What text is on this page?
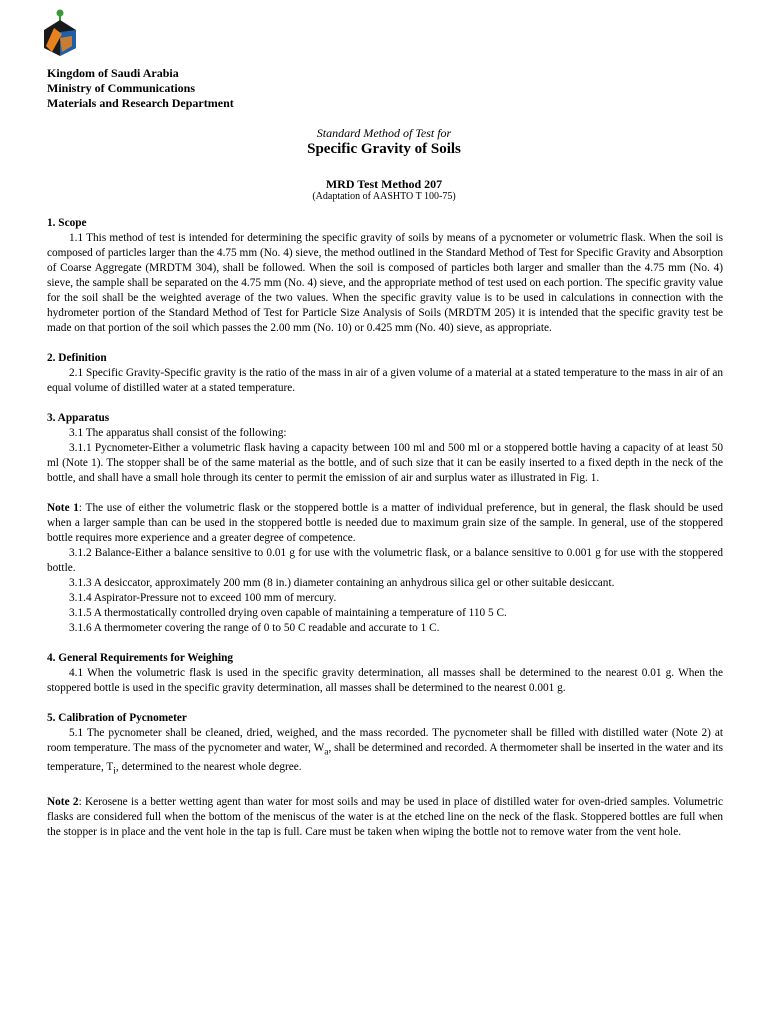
Kingdom of Saudi Arabia
Ministry of Communications
Materials and Research Department
Standard Method of Test for
Specific Gravity of Soils
MRD Test Method 207
(Adaptation of AASHTO T 100-75)
1. Scope

1.1 This method of test is intended for determining the specific gravity of soils by means of a pycnometer or volumetric flask. When the soil is composed of particles larger than the 4.75 mm (No. 4) sieve, the method outlined in the Standard Method of Test for Specific Gravity and Absorption of Coarse Aggregate (MRDTM 304), shall be followed. When the soil is composed of particles both larger and smaller than the 4.75 mm (No. 4) sieve, the sample shall be separated on the 4.75 mm (No. 4) sieve, and the appropriate method of test used on each portion. The specific gravity value for the soil shall be the weighted average of the two values. When the specific gravity value is to be used in calculations in connection with the hydrometer portion of the Standard Method of Test for Particle Size Analysis of Soils (MRDTM 205) it is intended that the specific gravity test be made on that portion of the soil which passes the 2.00 mm (No. 10) or 0.425 mm (No. 40) sieve, as appropriate.

2. Definition

2.1 Specific Gravity-Specific gravity is the ratio of the mass in air of a given volume of a material at a stated temperature to the mass in air of an equal volume of distilled water at a stated temperature.

3. Apparatus

3.1 The apparatus shall consist of the following:

3.1.1 Pycnometer-Either a volumetric flask having a capacity between 100 ml and 500 ml or a stoppered bottle having a capacity of at least 50 ml (Note 1). The stopper shall be of the same material as the bottle, and of such size that it can be easily inserted to a fixed depth in the neck of the bottle, and shall have a small hole through its center to permit the emission of air and surplus water as illustrated in Fig. 1.

Note 1: The use of either the volumetric flask or the stoppered bottle is a matter of individual preference, but in general, the flask should be used when a larger sample than can be used in the stoppered bottle is needed due to maximum grain size of the sample. In general, use of the stoppered bottle requires more experience and a greater degree of competence.

3.1.2 Balance-Either a balance sensitive to 0.01 g for use with the volumetric flask, or a balance sensitive to 0.001 g for use with the stoppered bottle.

3.1.3 A desiccator, approximately 200 mm (8 in.) diameter containing an anhydrous silica gel or other suitable desiccant.

3.1.4 Aspirator-Pressure not to exceed 100 mm of mercury.

3.1.5 A thermostatically controlled drying oven capable of maintaining a temperature of 110 5 C.

3.1.6 A thermometer covering the range of 0 to 50 C readable and accurate to 1 C.

4. General Requirements for Weighing

4.1 When the volumetric flask is used in the specific gravity determination, all masses shall be determined to the nearest 0.01 g. When the stoppered bottle is used in the specific gravity determination, all masses shall be determined to the nearest 0.001 g.

5. Calibration of Pycnometer

5.1 The pycnometer shall be cleaned, dried, weighed, and the mass recorded. The pycnometer shall be filled with distilled water (Note 2) at room temperature. The mass of the pycnometer and water, $W_a$, shall be determined and recorded. A thermometer shall be inserted in the water and its temperature, $T_i$, determined to the nearest whole degree.

Note 2: Kerosene is a better wetting agent than water for most soils and may be used in place of distilled water for oven-dried samples. Volumetric flasks are considered full when the bottom of the meniscus of the water is at the etched line on the neck of the flask. Stoppered bottles are full when the stopper is in place and the vent hole in the tap is full. Care must be taken when wiping the bottle not to remove water from the vent hole.
